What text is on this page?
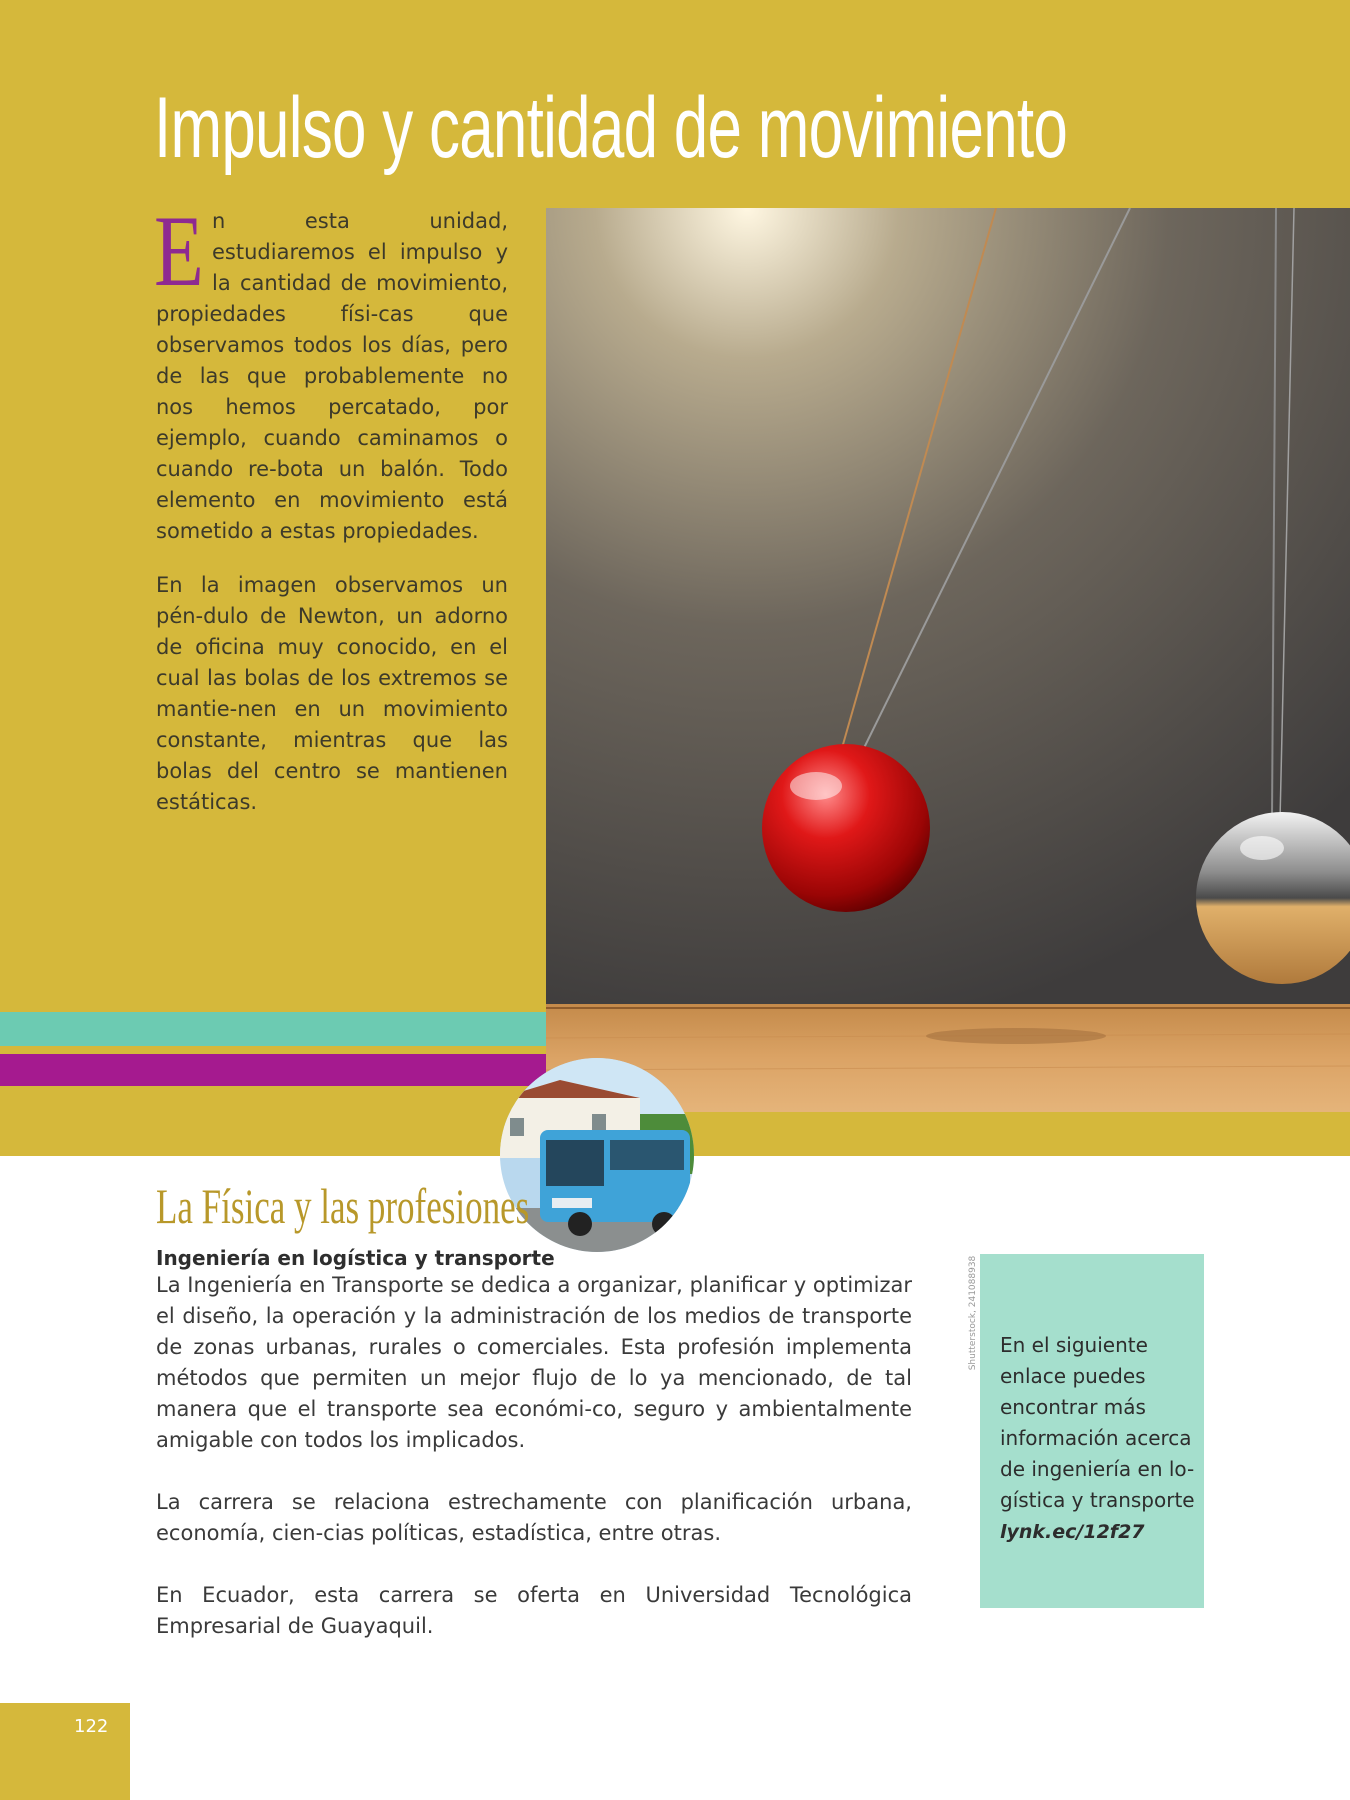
Impulso y cantidad de movimiento

En esta unidad, estudiaremos el impulso y la cantidad de movimiento, propiedades físi-cas que observamos todos los días, pero de las que probablemente no nos hemos percatado, por ejemplo, cuando caminamos o cuando re-bota un balón. Todo elemento en movimiento está sometido a estas propiedades.

En la imagen observamos un pén-dulo de Newton, un adorno de oficina muy conocido, en el cual las bolas de los extremos se mantie-nen en un movimiento constante, mientras que las bolas del centro se mantienen estáticas.

La Física y las profesiones
Ingeniería en logística y transporte

La Ingeniería en Transporte se dedica a organizar, planificar y optimizar el diseño, la operación y la administración de los medios de transporte de zonas urbanas, rurales o comerciales. Esta profesión implementa métodos que permiten un mejor flujo de lo ya mencionado, de tal manera que el transporte sea económi-co, seguro y ambientalmente amigable con todos los implicados.

La carrera se relaciona estrechamente con planificación urbana, economía, cien-cias políticas, estadística, entre otras.

En Ecuador, esta carrera se oferta en Universidad Tecnológica Empresarial de Guayaquil.

Shutterstock, 241088938 En el siguiente enlace puedes encontrar más información acerca de ingeniería en lo-gística y transporte
lynk.ec/12f27

122
